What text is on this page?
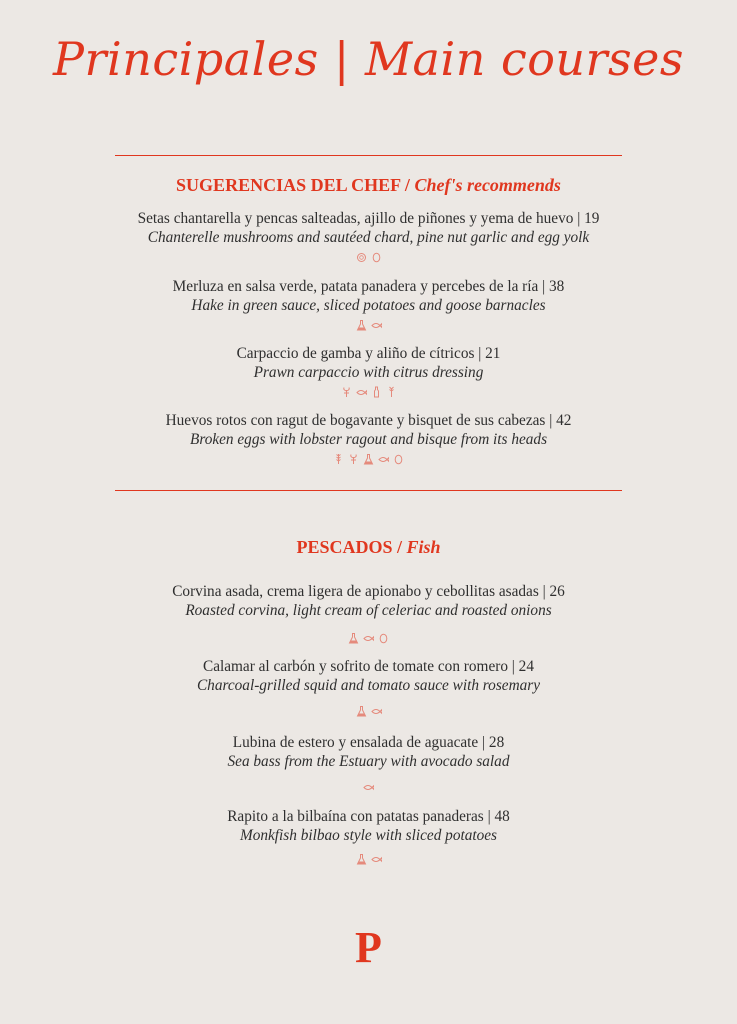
Principales | Main courses
SUGERENCIAS DEL CHEF / Chef's recommends
Setas chantarella y pencas salteadas, ajillo de piñones y yema de huevo | 19
Chanterelle mushrooms and sautéed chard, pine nut garlic and egg yolk
Merluza en salsa verde, patata panadera y percebes de la ría | 38
Hake in green sauce, sliced potatoes and goose barnacles
Carpaccio de gamba y aliño de cítricos | 21
Prawn carpaccio with citrus dressing
Huevos rotos con ragut de bogavante y bisquet de sus cabezas | 42
Broken eggs with lobster ragout and bisque from its heads
PESCADOS / Fish
Corvina asada, crema ligera de apionabo y cebollitas asadas | 26
Roasted corvina, light cream of celeriac and roasted onions
Calamar al carbón y sofrito de tomate con romero | 24
Charcoal-grilled squid and tomato sauce with rosemary
Lubina de estero y ensalada de aguacate | 28
Sea bass from the Estuary with avocado salad
Rapito a la bilbaína con patatas panaderas | 48
Monkfish bilbao style with sliced potatoes
P
